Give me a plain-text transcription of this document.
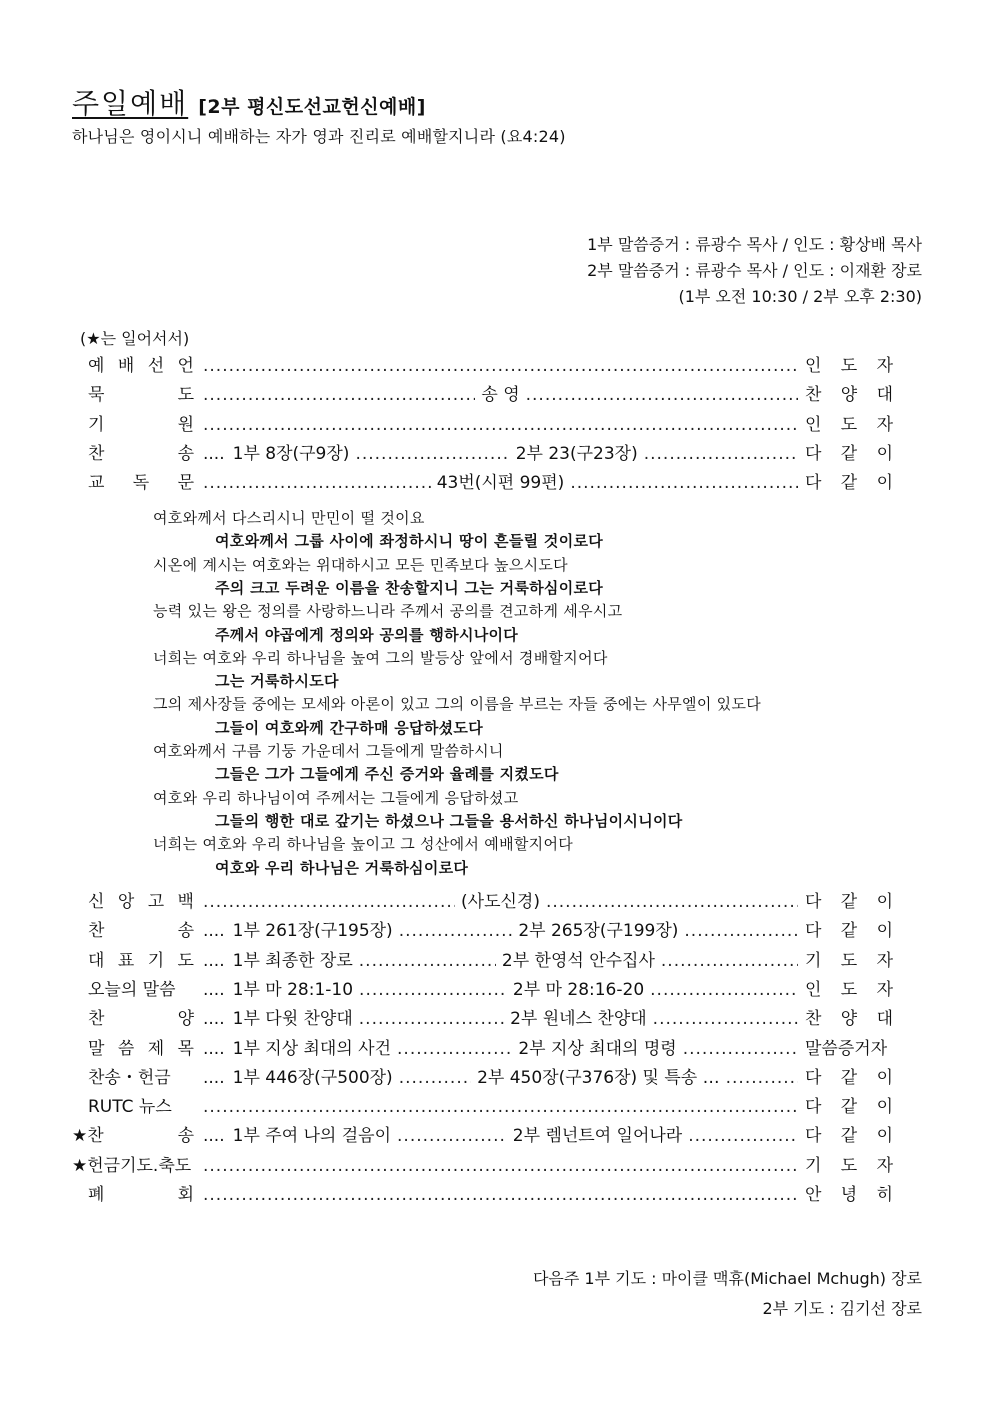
주일예배 [2부 평신도선교헌신예배]
하나님은 영이시니 예배하는 자가 영과 진리로 예배할지니라 (요4:24)
1부 말씀증거 : 류광수 목사 / 인도 : 황상배 목사
2부 말씀증거 : 류광수 목사 / 인도 : 이재환 장로
(1부 오전 10:30 / 2부 오후 2:30)
(★는 일어서서)
예 배 선 언 .....	인 도 자
묵	도 .....	송 영 .....	찬 양 대
기	원 .....	인 도 자
찬	송 .... 1부 8장(구9장) .....	2부 23(구23장) .....	다 같 이
교 독 문 .....	43번(시편 99편) .....	다 같 이
여호와께서 다스리시니 만민이 떨 것이요
여호와께서 그룹 사이에 좌정하시니 땅이 흔들릴 것이로다
시온에 계시는 여호와는 위대하시고 모든 민족보다 높으시도다
주의 크고 두려운 이름을 찬송할지니 그는 거룩하심이로다
능력 있는 왕은 정의를 사랑하느니라 주께서 공의를 견고하게 세우시고
주께서 야곱에게 정의와 공의를 행하시나이다
너희는 여호와 우리 하나님을 높여 그의 발등상 앞에서 경배할지어다
그는 거룩하시도다
그의 제사장들 중에는 모세와 아론이 있고 그의 이름을 부르는 자들 중에는 사무엘이 있도다
그들이 여호와께 간구하매 응답하셨도다
여호와께서 구름 기둥 가운데서 그들에게 말씀하시니
그들은 그가 그들에게 주신 증거와 율례를 지켰도다
여호와 우리 하나님이여 주께서는 그들에게 응답하셨고
그들의 행한 대로 갚기는 하셨으나 그들을 용서하신 하나님이시니이다
너희는 여호와 우리 하나님을 높이고 그 성산에서 예배할지어다
여호와 우리 하나님은 거룩하심이로다
신 앙 고 백 .....	(사도신경) .....	다 같 이
찬	송 .... 1부 261장(구195장) .....	2부 265장(구199장) .....	다 같 이
대 표 기 도 .... 1부 최종한 장로 .....	2부 한영석 안수집사 .....	기 도 자
오늘의 말씀 .... 1부 마 28:1-10 .....	2부 마 28:16-20 .....	인 도 자
찬	양 .... 1부 다윗 찬양대 .....	2부 원네스 찬양대 .....	찬 양 대
말 씀 제 목 .... 1부 지상 최대의 사건 .....	2부 지상 최대의 명령 .....	말씀증거자
찬송・헌금 .... 1부 446장(구500장) .....	2부 450장(구376장) 및 특송 … .....	다 같 이
RUTC 뉴스 .....	다 같 이
★찬	송 .... 1부 주여 나의 걸음이 .....	2부 렘넌트여 일어나라 .....	다 같 이
★헌금기도.축도 .....	기 도 자
폐	회 .....	안 녕 히
다음주 1부 기도 : 마이클 맥휴(Michael Mchugh) 장로
2부 기도 : 김기선 장로
